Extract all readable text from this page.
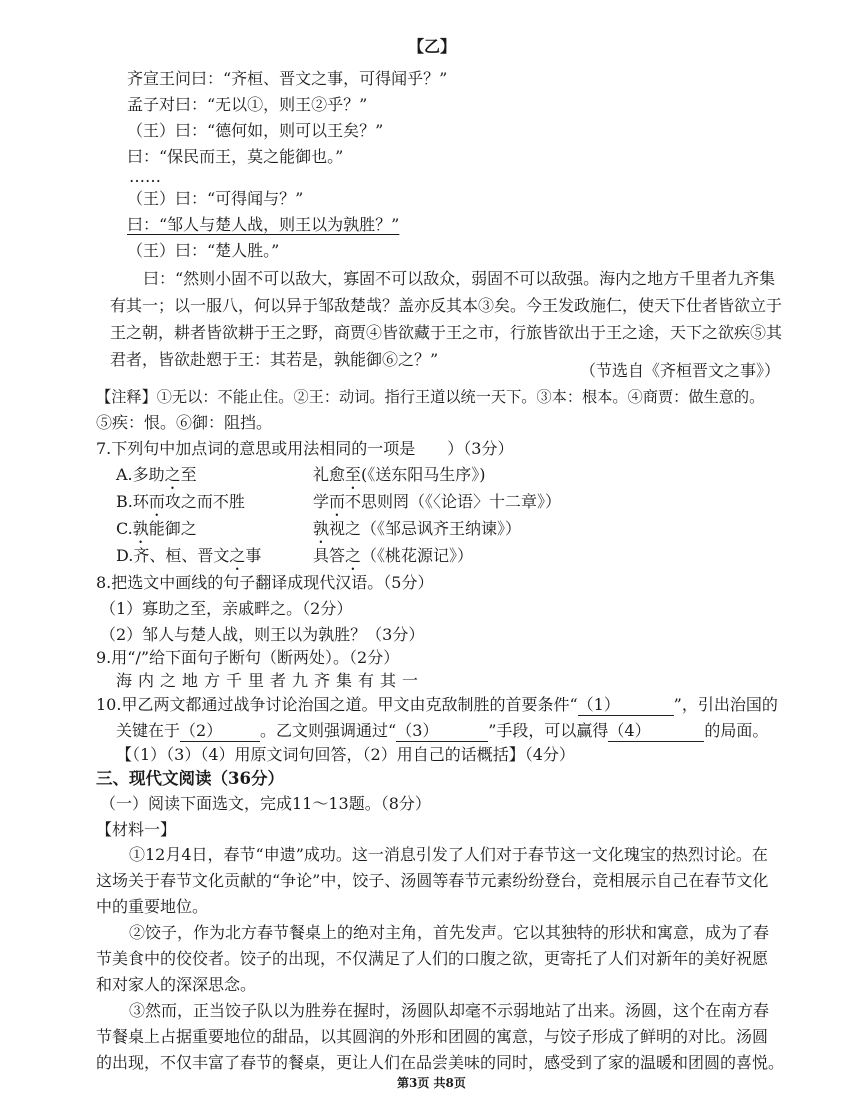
【乙】
齐宣王问曰：“齐桓、晋文之事，可得闻乎？”
孟子对曰：“无以①，则王②乎？”
（王）曰：“德何如，则可以王矣？”
曰：“保民而王，莫之能御也。”
……
（王）曰：“可得闻与？”
曰：“邹人与楚人战，则王以为孰胜？”
（王）曰：“楚人胜。”
曰：“然则小固不可以敌大，寡固不可以敌众，弱固不可以敌强。海内之地方千里者九齐集
有其一；以一服八，何以异于邹敌楚哉？盖亦反其本③矣。今王发政施仁，使天下仕者皆欲立于
王之朝，耕者皆欲耕于王之野，商贾④皆欲藏于王之市，行旅皆欲出于王之途，天下之欲疾⑤其
君者，皆欲赴愬于王：其若是，孰能御⑥之？”
（节选自《齐桓晋文之事》）
【注释】①无以：不能止住。②王：动词。指行王道以统一天下。③本：根本。④商贾：做生意的。
⑤疾：恨。⑥御：阻挡。
7.下列句中加点词的意思或用法相同的一项是　　）（3分）
A.多助之至	礼愈至(《送东阳马生序》)
B.环而攻之而不胜	学而不思则罔（《〈论语〉十二章》）
C.孰能御之	孰视之（《邹忌讽齐王纳谏》）
D.齐、桓、晋文之事	具答之（《桃花源记》）
8.把选文中画线的句子翻译成现代汉语。（5分）
（1）寡助之至，亲戚畔之。（2分）
（2）邹人与楚人战，则王以为孰胜？（3分）
9.用“/”给下面句子断句（断两处）。（2分）
海内之地方千里者九齐集有其一
10.甲乙两文都通过战争讨论治国之道。甲文由克敌制胜的首要条件“（1）	”，引出治国的
关键在于（2） 。乙文则强调通过“（3）	”手段，可以赢得（4）	的局面。
【（1）（3）（4）用原文词句回答，（2）用自己的话概括】（4分）
三、现代文阅读（36分）
（一）阅读下面选文，完成11～13题。（8分）
【材料一】
①12月4日，春节“申遗”成功。这一消息引发了人们对于春节这一文化瑰宝的热烈讨论。在
这场关于春节文化贡献的“争论”中，饺子、汤圆等春节元素纷纷登台，竞相展示自己在春节文化
中的重要地位。
②饺子，作为北方春节餐桌上的绝对主角，首先发声。它以其独特的形状和寓意，成为了春
节美食中的佼佼者。饺子的出现，不仅满足了人们的口腹之欲，更寄托了人们对新年的美好祝愿
和对家人的深深思念。
③然而，正当饺子队以为胜券在握时，汤圆队却毫不示弱地站了出来。汤圆，这个在南方春
节餐桌上占据重要地位的甜品，以其圆润的外形和团圆的寓意，与饺子形成了鲜明的对比。汤圆
的出现，不仅丰富了春节的餐桌，更让人们在品尝美味的同时，感受到了家的温暖和团圆的喜悦。
第3页 共8页
